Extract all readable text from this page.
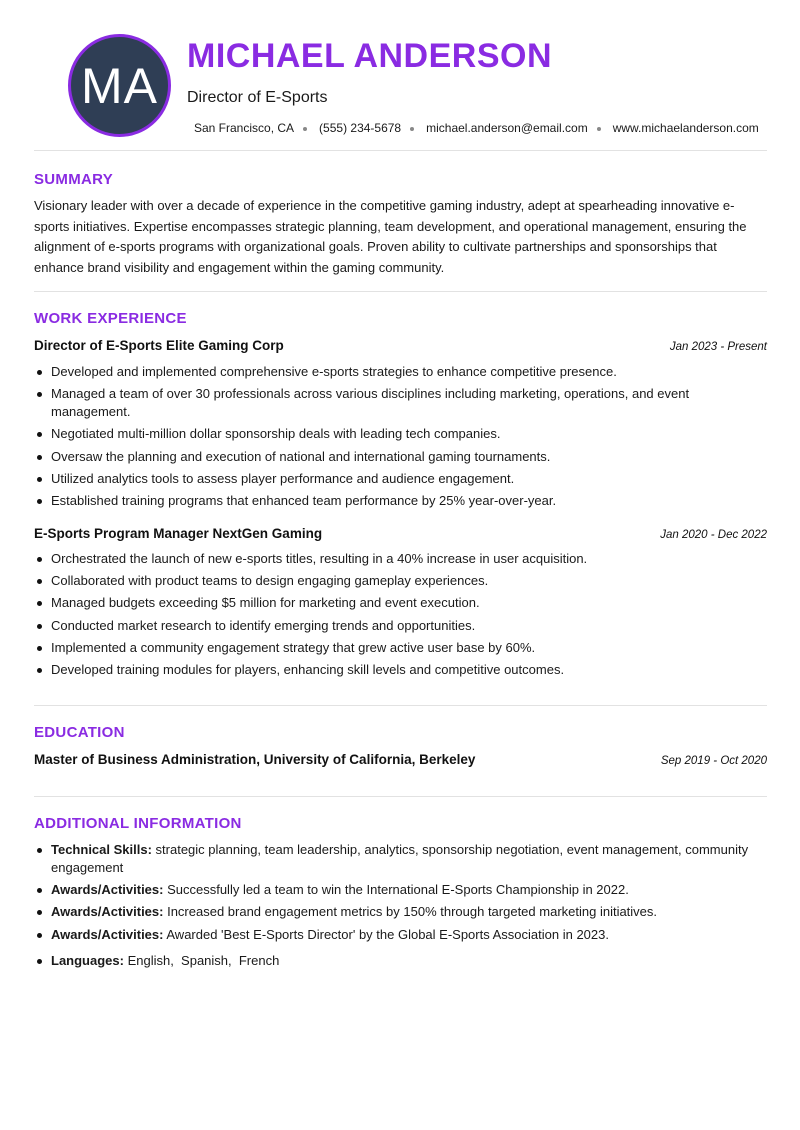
MA
MICHAEL ANDERSON
Director of E-Sports
San Francisco, CA (555) 234-5678 michael.anderson@email.com www.michaelanderson.com
SUMMARY
Visionary leader with over a decade of experience in the competitive gaming industry, adept at spearheading innovative e-sports initiatives. Expertise encompasses strategic planning, team development, and operational management, ensuring the alignment of e-sports programs with organizational goals. Proven ability to cultivate partnerships and sponsorships that enhance brand visibility and engagement within the gaming community.
WORK EXPERIENCE
Director of E-Sports Elite Gaming Corp	Jan 2023 - Present
Developed and implemented comprehensive e-sports strategies to enhance competitive presence.
Managed a team of over 30 professionals across various disciplines including marketing, operations, and event management.
Negotiated multi-million dollar sponsorship deals with leading tech companies.
Oversaw the planning and execution of national and international gaming tournaments.
Utilized analytics tools to assess player performance and audience engagement.
Established training programs that enhanced team performance by 25% year-over-year.
E-Sports Program Manager NextGen Gaming	Jan 2020 - Dec 2022
Orchestrated the launch of new e-sports titles, resulting in a 40% increase in user acquisition.
Collaborated with product teams to design engaging gameplay experiences.
Managed budgets exceeding $5 million for marketing and event execution.
Conducted market research to identify emerging trends and opportunities.
Implemented a community engagement strategy that grew active user base by 60%.
Developed training modules for players, enhancing skill levels and competitive outcomes.
EDUCATION
Master of Business Administration, University of California, Berkeley	Sep 2019 - Oct 2020
ADDITIONAL INFORMATION
Technical Skills: strategic planning, team leadership, analytics, sponsorship negotiation, event management, community engagement
Awards/Activities: Successfully led a team to win the International E-Sports Championship in 2022.
Awards/Activities: Increased brand engagement metrics by 150% through targeted marketing initiatives.
Awards/Activities: Awarded 'Best E-Sports Director' by the Global E-Sports Association in 2023.
Languages: English,  Spanish,  French
